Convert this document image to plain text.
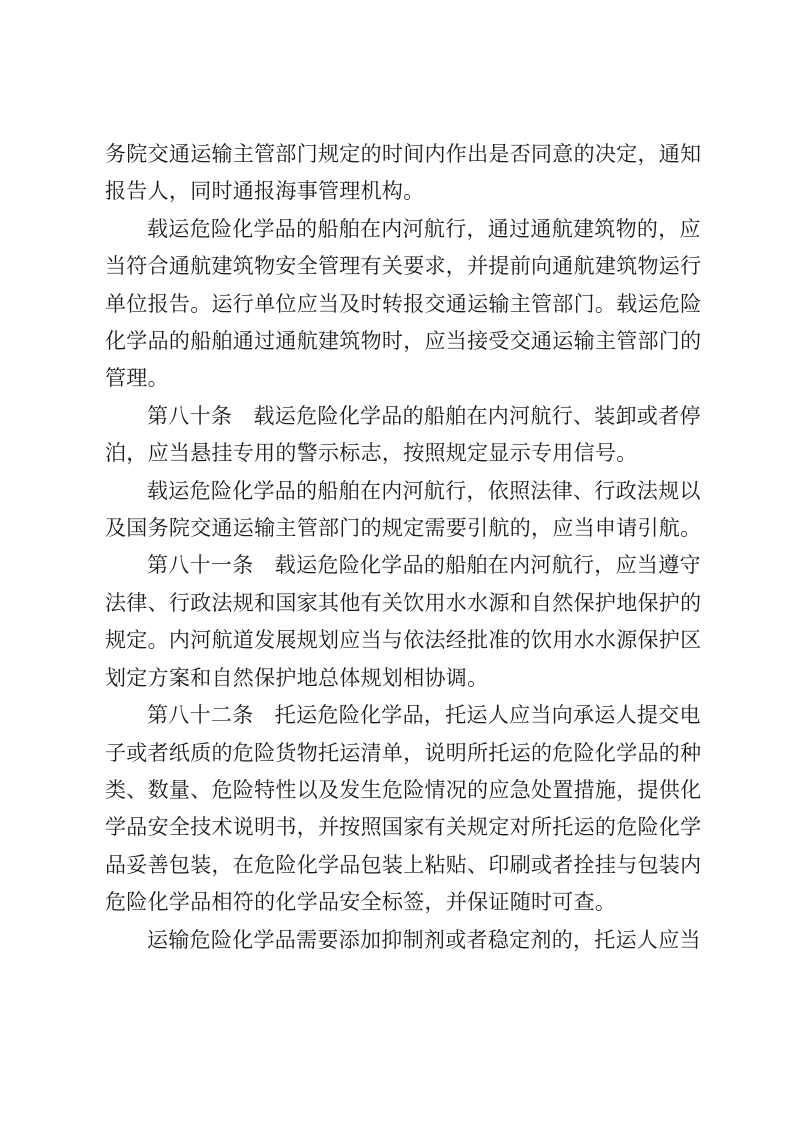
务院交通运输主管部门规定的时间内作出是否同意的决定，通知
报告人，同时通报海事管理机构。

载运危险化学品的船舶在内河航行，通过通航建筑物的，应
当符合通航建筑物安全管理有关要求，并提前向通航建筑物运行
单位报告。运行单位应当及时转报交通运输主管部门。载运危险
化学品的船舶通过通航建筑物时，应当接受交通运输主管部门的
管理。

第八十条　载运危险化学品的船舶在内河航行、装卸或者停
泊，应当悬挂专用的警示标志，按照规定显示专用信号。

载运危险化学品的船舶在内河航行，依照法律、行政法规以
及国务院交通运输主管部门的规定需要引航的，应当申请引航。

第八十一条　载运危险化学品的船舶在内河航行，应当遵守
法律、行政法规和国家其他有关饮用水水源和自然保护地保护的
规定。内河航道发展规划应当与依法经批准的饮用水水源保护区
划定方案和自然保护地总体规划相协调。

第八十二条　托运危险化学品，托运人应当向承运人提交电
子或者纸质的危险货物托运清单，说明所托运的危险化学品的种
类、数量、危险特性以及发生危险情况的应急处置措施，提供化
学品安全技术说明书，并按照国家有关规定对所托运的危险化学
品妥善包装，在危险化学品包装上粘贴、印刷或者拴挂与包装内
危险化学品相符的化学品安全标签，并保证随时可查。

运输危险化学品需要添加抑制剂或者稳定剂的，托运人应当
